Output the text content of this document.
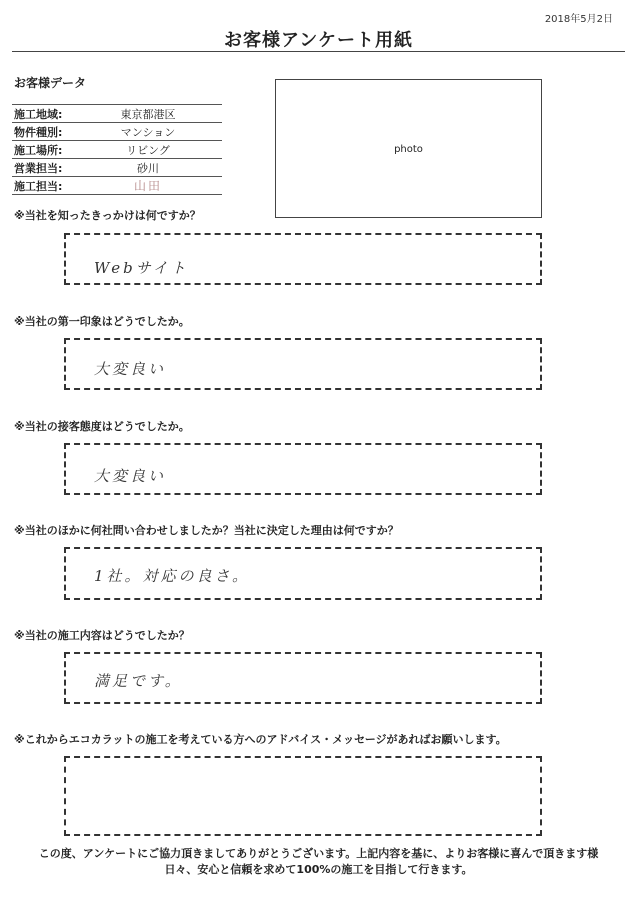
2018年5月2日
お客様アンケート用紙
お客様データ
施工地域:	東京都港区
物件種別:	マンション
施工場所:	リビング
営業担当:	砂川
施工担当:	山田
photo
※当社を知ったきっかけは何ですか？
Webサイト
※当社の第一印象はどうでしたか。
大変良い
※当社の接客態度はどうでしたか。
大変良い
※当社のほかに何社問い合わせしましたか？当社に決定した理由は何ですか？
1社。対応の良さ。
※当社の施工内容はどうでしたか？
満足です。
※これからエコカラットの施工を考えている方へのアドバイス・メッセージがあればお願いします。
この度、アンケートにご協力頂きましてありがとうございます。上記内容を基に、よりお客様に喜んで頂きます様
日々、安心と信頼を求めて100%の施工を目指して行きます。
